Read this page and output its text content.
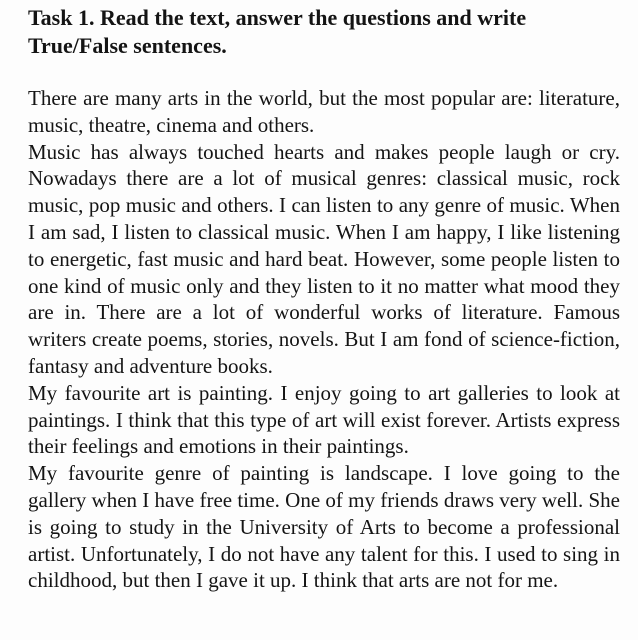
Task 1. Read the text, answer the questions and write True/False sentences.

There are many arts in the world, but the most popular are: literature, music, theatre, cinema and others.

Music has always touched hearts and makes people laugh or cry. Nowadays there are a lot of musical genres: classical music, rock music, pop music and others. I can listen to any genre of music. When I am sad, I listen to classical music. When I am happy, I like listening to energetic, fast music and hard beat. However, some people listen to one kind of music only and they listen to it no matter what mood they are in. There are a lot of wonderful works of literature. Famous writers create poems, stories, novels. But I am fond of science-fiction, fantasy and adventure books.

My favourite art is painting. I enjoy going to art galleries to look at paintings. I think that this type of art will exist forever. Artists express their feelings and emotions in their paintings.

My favourite genre of painting is landscape. I love going to the gallery when I have free time. One of my friends draws very well. She is going to study in the University of Arts to become a professional artist. Unfortunately, I do not have any talent for this. I used to sing in childhood, but then I gave it up. I think that arts are not for me.
